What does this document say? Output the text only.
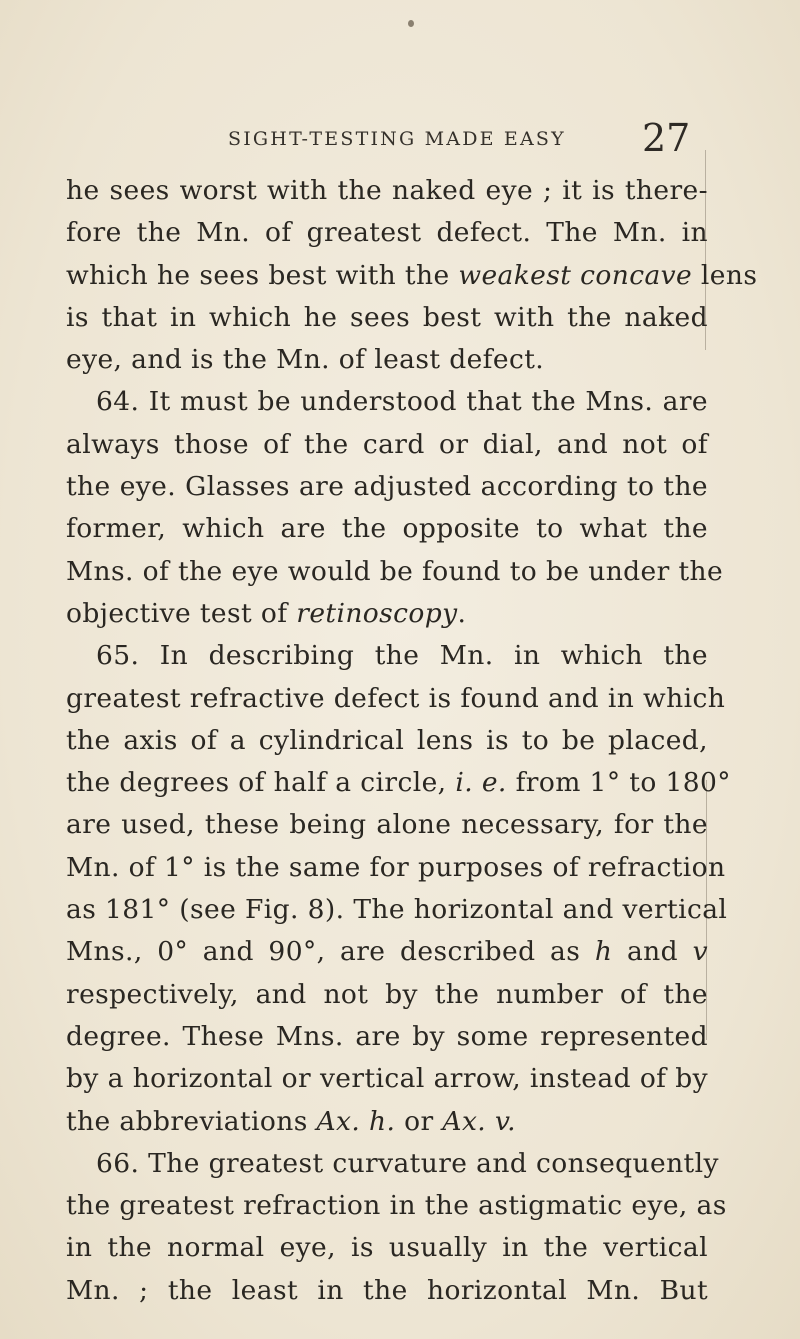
SIGHT-TESTING MADE EASY 27
he sees worst with the naked eye ; it is there-
fore the Mn. of greatest defect. The Mn. in
which he sees best with the weakest concave lens
is that in which he sees best with the naked
eye, and is the Mn. of least defect.
64. It must be understood that the Mns. are
always those of the card or dial, and not of
the eye. Glasses are adjusted according to the
former, which are the opposite to what the
Mns. of the eye would be found to be under the
objective test of retinoscopy.
65. In describing the Mn. in which the
greatest refractive defect is found and in which
the axis of a cylindrical lens is to be placed,
the degrees of half a circle, i. e. from 1° to 180°
are used, these being alone necessary, for the
Mn. of 1° is the same for purposes of refraction
as 181° (see Fig. 8). The horizontal and vertical
Mns., 0° and 90°, are described as h and v
respectively, and not by the number of the
degree. These Mns. are by some represented
by a horizontal or vertical arrow, instead of by
the abbreviations Ax. h. or Ax. v.
66. The greatest curvature and consequently
the greatest refraction in the astigmatic eye, as
in the normal eye, is usually in the vertical
Mn. ; the least in the horizontal Mn. But
